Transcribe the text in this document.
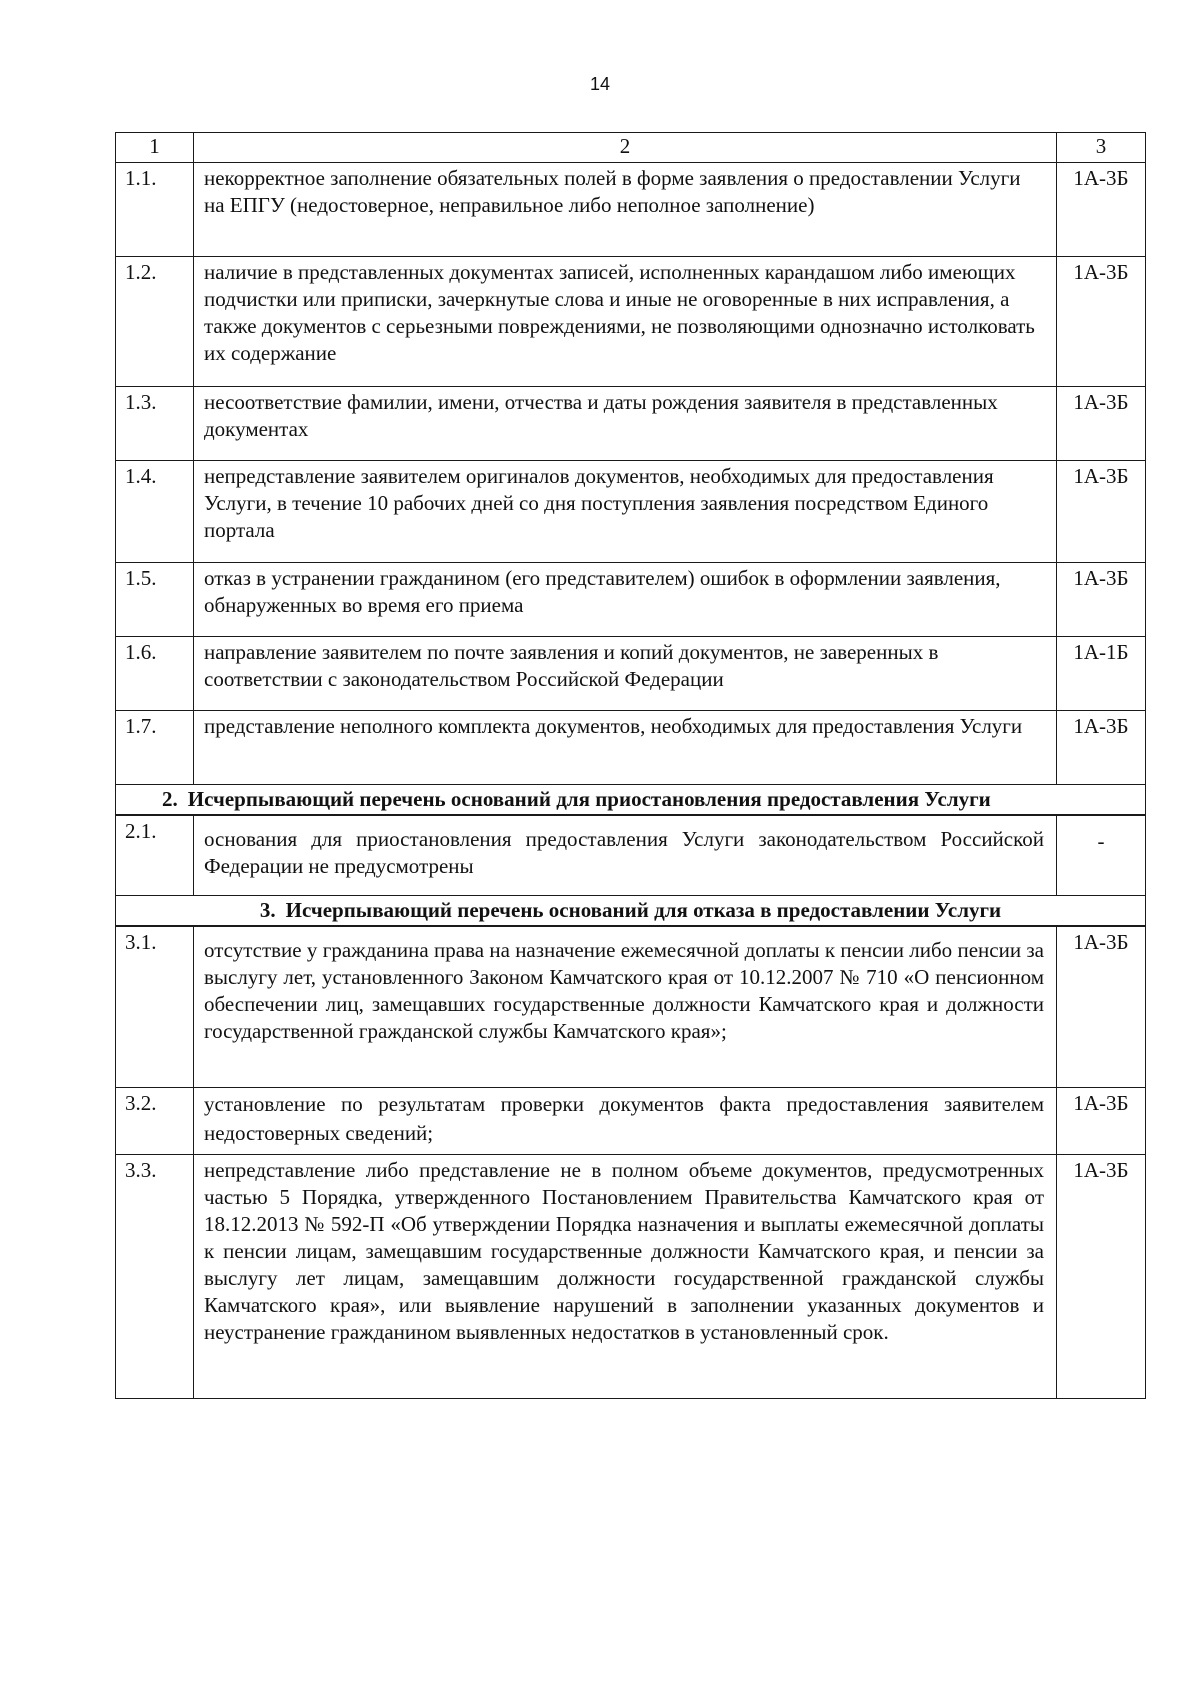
14
1	2	3
1.1.	некорректное заполнение обязательных полей в форме заявления о предоставлении Услуги на ЕПГУ (недостоверное, неправильное либо неполное заполнение)	1А-3Б
1.2.	наличие в представленных документах записей, исполненных карандашом либо имеющих подчистки или приписки, зачеркнутые слова и иные не оговоренные в них исправления, а также документов с серьезными повреждениями, не позволяющими однозначно истолковать их содержание	1А-3Б
1.3.	несоответствие фамилии, имени, отчества и даты рождения заявителя в представленных документах	1А-3Б
1.4.	непредставление заявителем оригиналов документов, необходимых для предоставления Услуги, в течение 10 рабочих дней со дня поступления заявления посредством Единого портала	1А-3Б
1.5.	отказ в устранении гражданином (его представителем) ошибок в оформлении заявления, обнаруженных во время его приема	1А-3Б
1.6.	направление заявителем по почте заявления и копий документов, не заверенных в соответствии с законодательством Российской Федерации	1А-1Б
1.7.	представление неполного комплекта документов, необходимых для предоставления Услуги	1А-3Б
2. Исчерпывающий перечень оснований для приостановления предоставления Услуги		
2.1.	основания для приостановления предоставления Услуги законодательством Российской Федерации не предусмотрены	-
3. Исчерпывающий перечень оснований для отказа в предоставлении Услуги		
3.1.	отсутствие у гражданина права на назначение ежемесячной доплаты к пенсии либо пенсии за выслугу лет, установленного Законом Камчатского края от 10.12.2007 № 710 «О пенсионном обеспечении лиц, замещавших государственные должности Камчатского края и должности государственной гражданской службы Камчатского края»;	1А-3Б
3.2.	установление по результатам проверки документов факта предоставления заявителем недостоверных сведений;	1А-3Б
3.3.	непредставление либо представление не в полном объеме документов, предусмотренных частью 5 Порядка, утвержденного Постановлением Правительства Камчатского края от 18.12.2013 № 592-П «Об утверждении Порядка назначения и выплаты ежемесячной доплаты к пенсии лицам, замещавшим государственные должности Камчатского края, и пенсии за выслугу лет лицам, замещавшим должности государственной гражданской службы Камчатского края», или выявление нарушений в заполнении указанных документов и неустранение гражданином выявленных недостатков в установленный срок.	1А-3Б
